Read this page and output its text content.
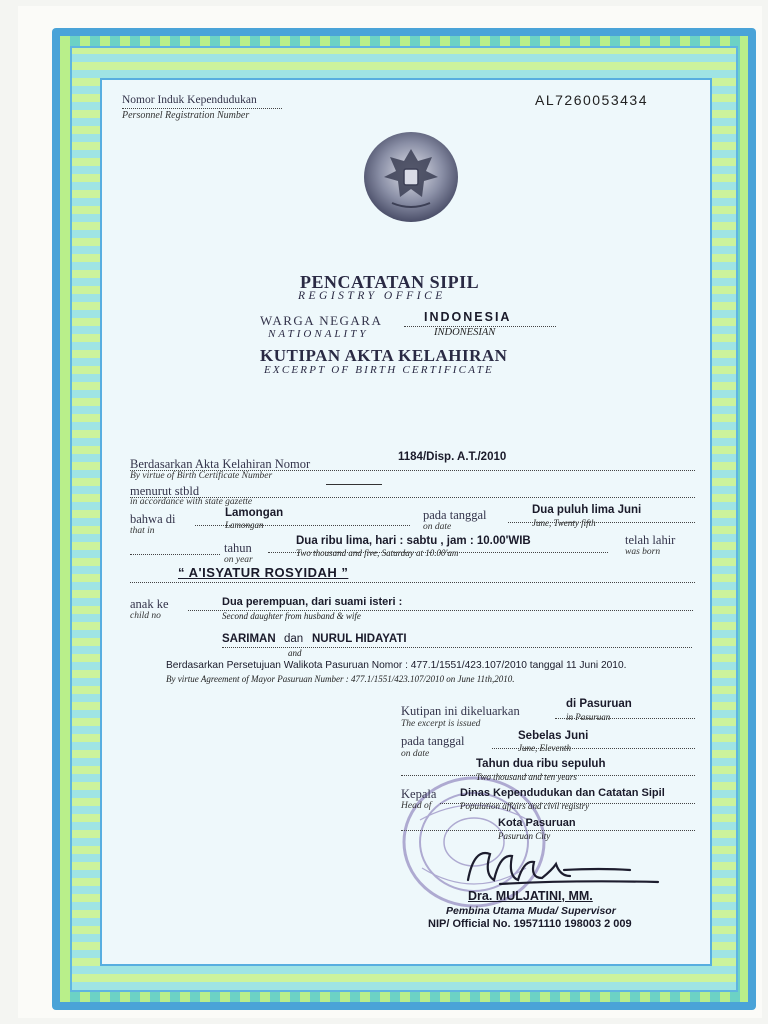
Nomor Induk Kependudukan
Personnel Registration Number
AL7260053434
PENCATATAN SIPIL
REGISTRY OFFICE
WARGA NEGARA	INDONESIA
NATIONALITY	INDONESIAN
KUTIPAN AKTA KELAHIRAN
EXCERPT OF BIRTH CERTIFICATE
Berdasarkan Akta Kelahiran Nomor	1184/Disp. A.T./2010
By virtue of Birth Certificate Number
menurut stbld
in accordance with state gazette
bahwa di	Lamongan
Lamongan
that in
pada tanggal	Dua puluh lima Juni
June, Twenty fifth
on date
tahun
on year
Dua ribu lima, hari : sabtu , jam : 10.00'WIB
Two thousand and five, Saturday at 10.00'am
telah lahir
was born
“ A'ISYATUR ROSYIDAH ”
anak ke	Dua perempuan, dari suami isteri :
child no	Second daughter from husband & wife
SARIMAN dan NURUL HIDAYATI
and
Berdasarkan Persetujuan Walikota Pasuruan Nomor : 477.1/1551/423.107/2010 tanggal 11 Juni 2010.
By virtue Agreement of Mayor Pasuruan Number : 477.1/1551/423.107/2010 on June 11th,2010.
Kutipan ini dikeluarkan	di Pasuruan
in Pasuruan
The excerpt is issued
pada tanggal	Sebelas Juni
June, Eleventh
on date
Tahun dua ribu sepuluh
Two thousand and ten years
Kepala
Head of
Dinas Kependudukan dan Catatan Sipil
Population affairs and civil registry
Kota Pasuruan
Pasuruan City
Dra. MULJATINI, MM.
Pembina Utama Muda/ Supervisor
NIP/ Official No. 19571110 198003 2 009
